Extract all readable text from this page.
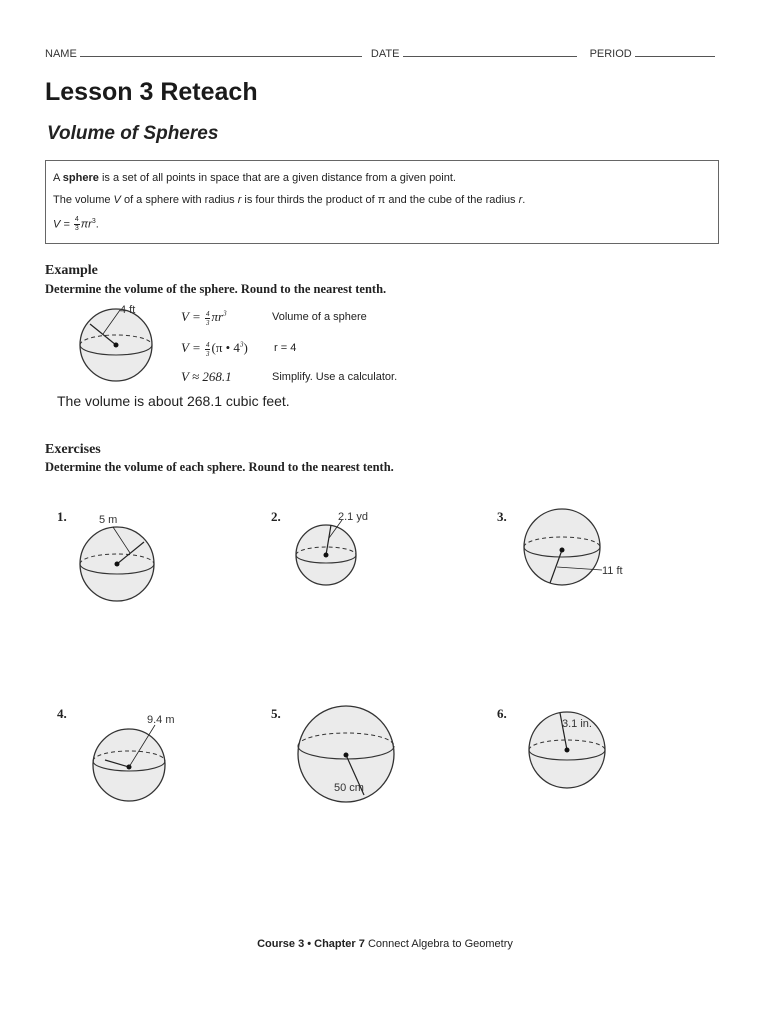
NAME	DATE	PERIOD
Lesson 3 Reteach
Volume of Spheres

A sphere is a set of all points in space that are a given distance from a given point.

The volume V of a sphere with radius r is four thirds the product of π and the cube of the radius r.

$V = \frac{4}{3} \pi r^3$.

Example
Determine the volume of the sphere. Round to the nearest tenth.
4 ft	$V = \frac{4}{3} \pi r^3$	Volume of a sphere
$V = \frac{4}{3} (\pi$ • $4^3$) r = 4
V ≈ 268.1	Simplify. Use a calculator.
The volume is about 268.1 cubic feet.
Exercises
Determine the volume of each sphere. Round to the nearest tenth.
1.	2.	3.
4.	5.	6.
5 m	2.1 yd
11 ft
9.4 m
50 cm
3.1 in.
Course 3 • Chapter 7 Connect Algebra to Geometry
